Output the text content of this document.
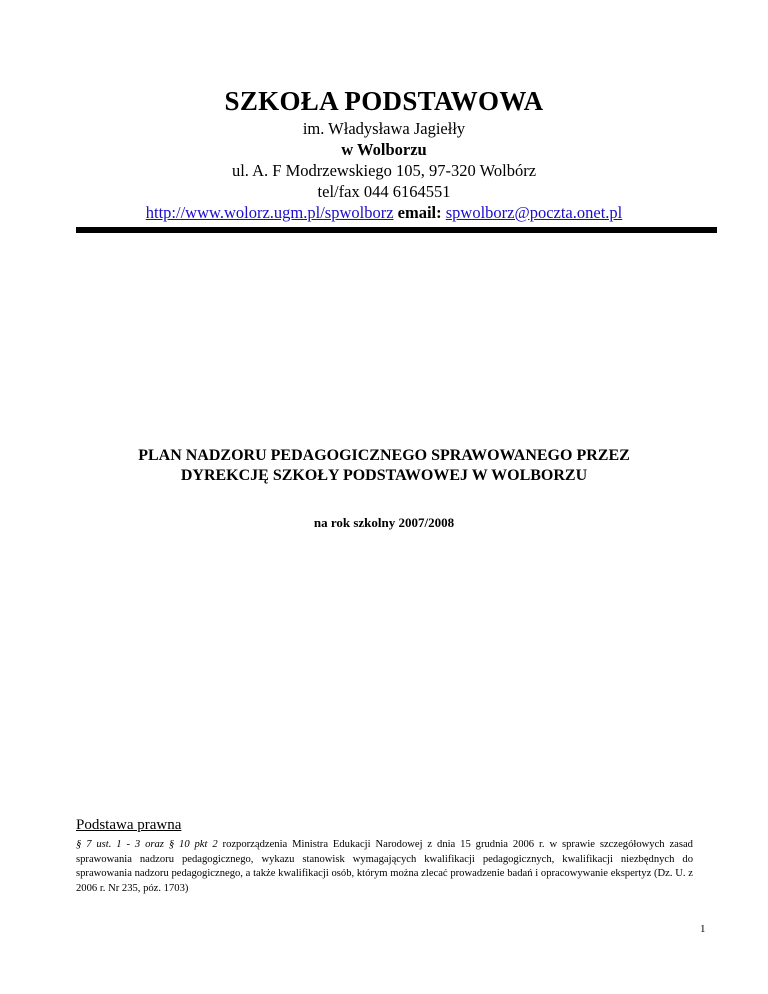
SZKOŁA PODSTAWOWA
im. Władysława Jagiełły
w Wolborzu
ul. A. F Modrzewskiego 105, 97-320 Wolbórz
tel/fax 044 6164551
http://www.wolorz.ugm.pl/spwolborz email: spwolborz@poczta.onet.pl
PLAN NADZORU PEDAGOGICZNEGO SPRAWOWANEGO PRZEZ
DYREKCJĘ SZKOŁY PODSTAWOWEJ W WOLBORZU
na rok szkolny 2007/2008
Podstawa prawna
§ 7 ust. 1 - 3 oraz § 10 pkt 2 rozporządzenia Ministra Edukacji Narodowej z dnia 15 grudnia 2006 r. w sprawie szczegółowych zasad sprawowania nadzoru pedagogicznego, wykazu stanowisk wymagających kwalifikacji pedagogicznych, kwalifikacji niezbędnych do sprawowania nadzoru pedagogicznego, a także kwalifikacji osób, którym można zlecać prowadzenie badań i opracowywanie ekspertyz (Dz. U. z 2006 r. Nr 235, póz. 1703)
1
